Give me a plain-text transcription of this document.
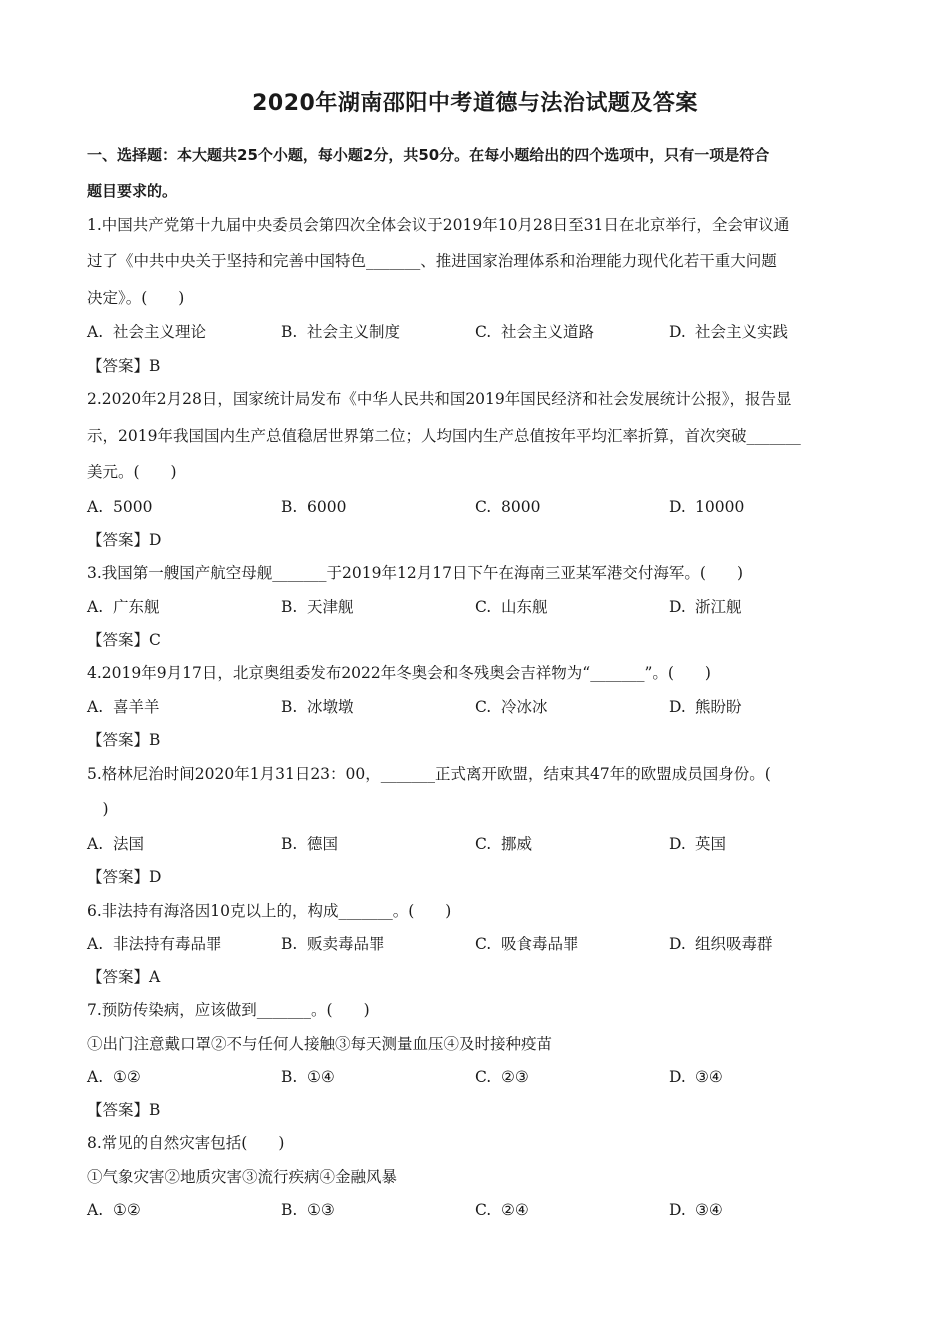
2020年湖南邵阳中考道德与法治试题及答案
一、选择题：本大题共25个小题，每小题2分，共50分。在每小题给出的四个选项中，只有一项是符合
题目要求的。
1.中国共产党第十九届中央委员会第四次全体会议于2019年10月28日至31日在北京举行，全会审议通
过了《中共中央关于坚持和完善中国特色_______、推进国家治理体系和治理能力现代化若干重大问题
决定》。(　　)
A. 社会主义理论	B. 社会主义制度	C. 社会主义道路	D. 社会主义实践
【答案】B
2.2020年2月28日，国家统计局发布《中华人民共和国2019年国民经济和社会发展统计公报》，报告显
示，2019年我国国内生产总值稳居世界第二位；人均国内生产总值按年平均汇率折算，首次突破_______
美元。(　　)
A. 5000	B. 6000	C. 8000	D. 10000
【答案】D
3.我国第一艘国产航空母舰_______于2019年12月17日下午在海南三亚某军港交付海军。(　　)
A. 广东舰	B. 天津舰	C. 山东舰	D. 浙江舰
【答案】C
4.2019年9月17日，北京奥组委发布2022年冬奥会和冬残奥会吉祥物为“_______”。(　　)
A. 喜羊羊	B. 冰墩墩	C. 冷冰冰	D. 熊盼盼
【答案】B
5.格林尼治时间2020年1月31日23：00，_______正式离开欧盟，结束其47年的欧盟成员国身份。(
　)
A. 法国	B. 德国	C. 挪威	D. 英国
【答案】D
6.非法持有海洛因10克以上的，构成_______。(　　)
A. 非法持有毒品罪	B. 贩卖毒品罪	C. 吸食毒品罪	D. 组织吸毒群
【答案】A
7.预防传染病，应该做到_______。(　　)
①出门注意戴口罩②不与任何人接触③每天测量血压④及时接种疫苗
A. ①②	B. ①④	C. ②③	D. ③④
【答案】B
8.常见的自然灾害包括(　　)
①气象灾害②地质灾害③流行疾病④金融风暴
A. ①②	B. ①③	C. ②④	D. ③④
